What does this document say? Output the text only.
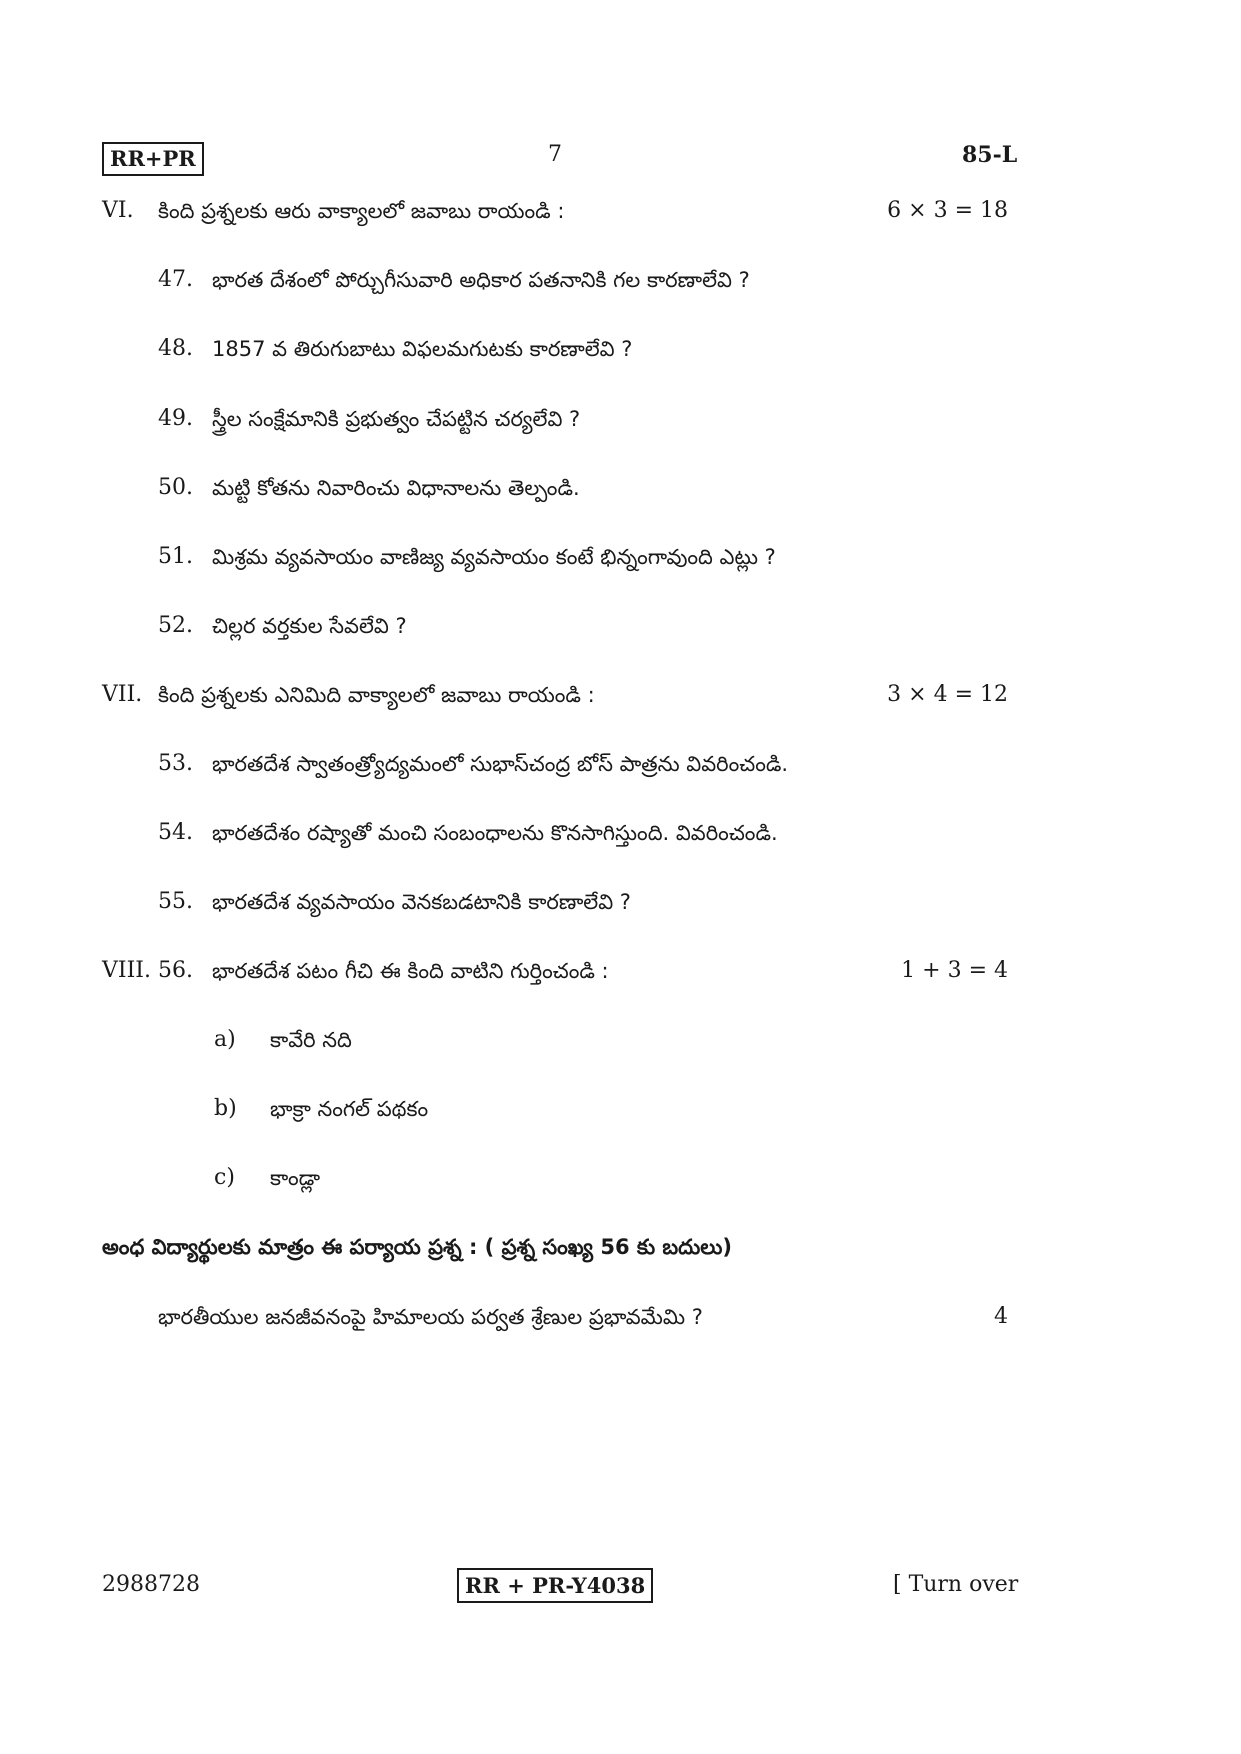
RR+PR	7	85-L
VI. కింది ప్రశ్నలకు ఆరు వాక్యాలలో జవాబు రాయండి :	6 × 3 = 18
47. భారత దేశంలో పోర్చుగీసువారి అధికార పతనానికి గల కారణాలేవి ?
48. 1857 వ తిరుగుబాటు విఫలమగుటకు కారణాలేవి ?
49. స్త్రీల సంక్షేమానికి ప్రభుత్వం చేపట్టిన చర్యలేవి ?
50. మట్టి కోతను నివారించు విధానాలను తెల్పండి.
51. మిశ్రమ వ్యవసాయం వాణిజ్య వ్యవసాయం కంటే భిన్నంగావుంది ఎట్లు ?
52. చిల్లర వర్తకుల సేవలేవి ?
VII. కింది ప్రశ్నలకు ఎనిమిది వాక్యాలలో జవాబు రాయండి :	3 × 4 = 12
53. భారతదేశ స్వాతంత్ర్యోద్యమంలో సుభాస్‌చంద్ర బోస్ పాత్రను వివరించండి.
54. భారతదేశం రష్యాతో మంచి సంబంధాలను కొనసాగిస్తుంది. వివరించండి.
55. భారతదేశ వ్యవసాయం వెనకబడటానికి కారణాలేవి ?
VIII. 56. భారతదేశ పటం గీచి ఈ కింది వాటిని గుర్తించండి :	1 + 3 = 4
a) కావేరి నది
b) భాక్రా నంగల్ పథకం
c) కాండ్లా
అంధ విద్యార్థులకు మాత్రం ఈ పర్యాయ ప్రశ్న : ( ప్రశ్న సంఖ్య 56 కు బదులు)
భారతీయుల జనజీవనంపై హిమాలయ పర్వత శ్రేణుల ప్రభావమేమి ?	4
2988728	RR + PR-Y4038	[ Turn over
